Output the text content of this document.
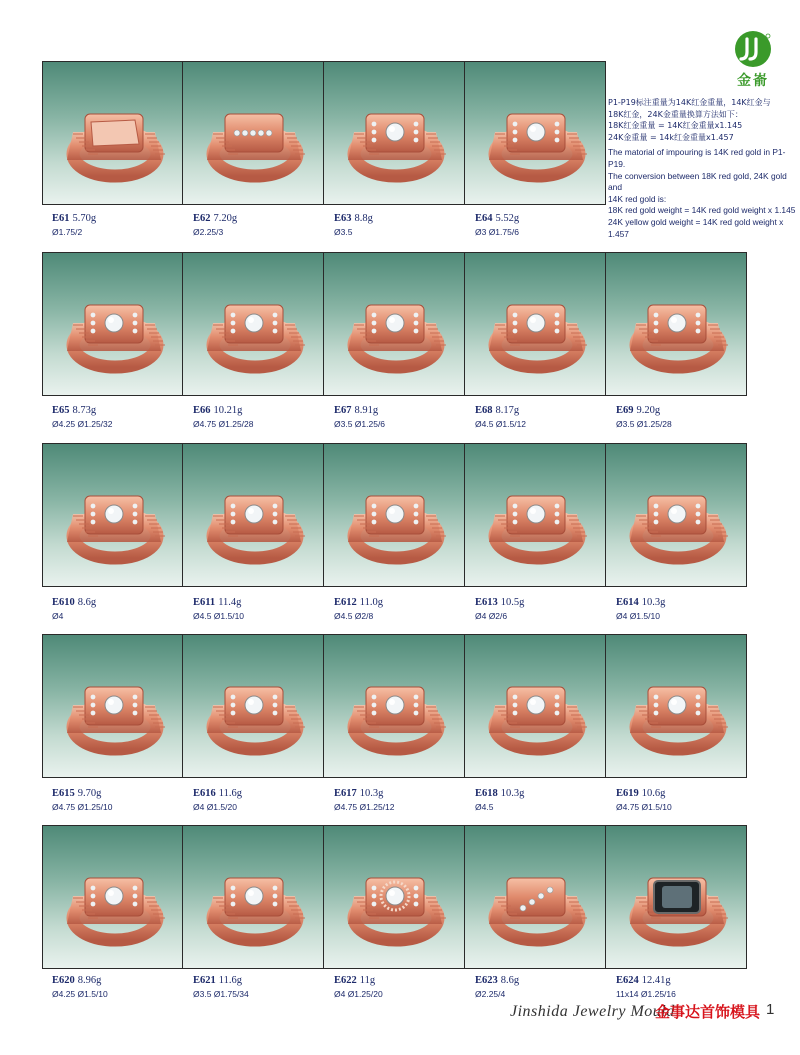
金嵛

P1-P19标注重量为14K红金重量，14K红金与

18K红金，24K金重量换算方法如下：

18K红金重量 = 14K红金重量x1.145

24K金重量 = 14k红金重量x1.457

The matorial of impouring is 14K red gold in P1-P19.

The conversion between 18K red gold, 24K gold and

14K red gold is:

18K red gold weight = 14K red gold weight x 1.145

24K yellow gold weight = 14K red gold weight x 1.457

E61 5.70g
Ø1.75/2
E62 7.20g
Ø2.25/3
E63 8.8g
Ø3.5
E64 5.52g
Ø3 Ø1.75/6
E65 8.73g
Ø4.25 Ø1.25/32
E66 10.21g
Ø4.75 Ø1.25/28
E67 8.91g
Ø3.5 Ø1.25/6
E68 8.17g
Ø4.5 Ø1.5/12
E69 9.20g
Ø3.5 Ø1.25/28
E610 8.6g
Ø4
E611 11.4g
Ø4.5 Ø1.5/10
E612 11.0g
Ø4.5 Ø2/8
E613 10.5g
Ø4 Ø2/6
E614 10.3g
Ø4 Ø1.5/10
E615 9.70g
Ø4.75 Ø1.25/10
E616 11.6g
Ø4 Ø1.5/20
E617 10.3g
Ø4.75 Ø1.25/12
E618 10.3g
Ø4.5
E619 10.6g
Ø4.75 Ø1.5/10
E620 8.96g
Ø4.25 Ø1.5/10
E621 11.6g
Ø3.5 Ø1.75/34
E622 11g
Ø4 Ø1.25/20
E623 8.6g
Ø2.25/4
E624 12.41g
11x14 Ø1.25/16
Jinshida Jewelry Mould
金事达首饰模具 1
